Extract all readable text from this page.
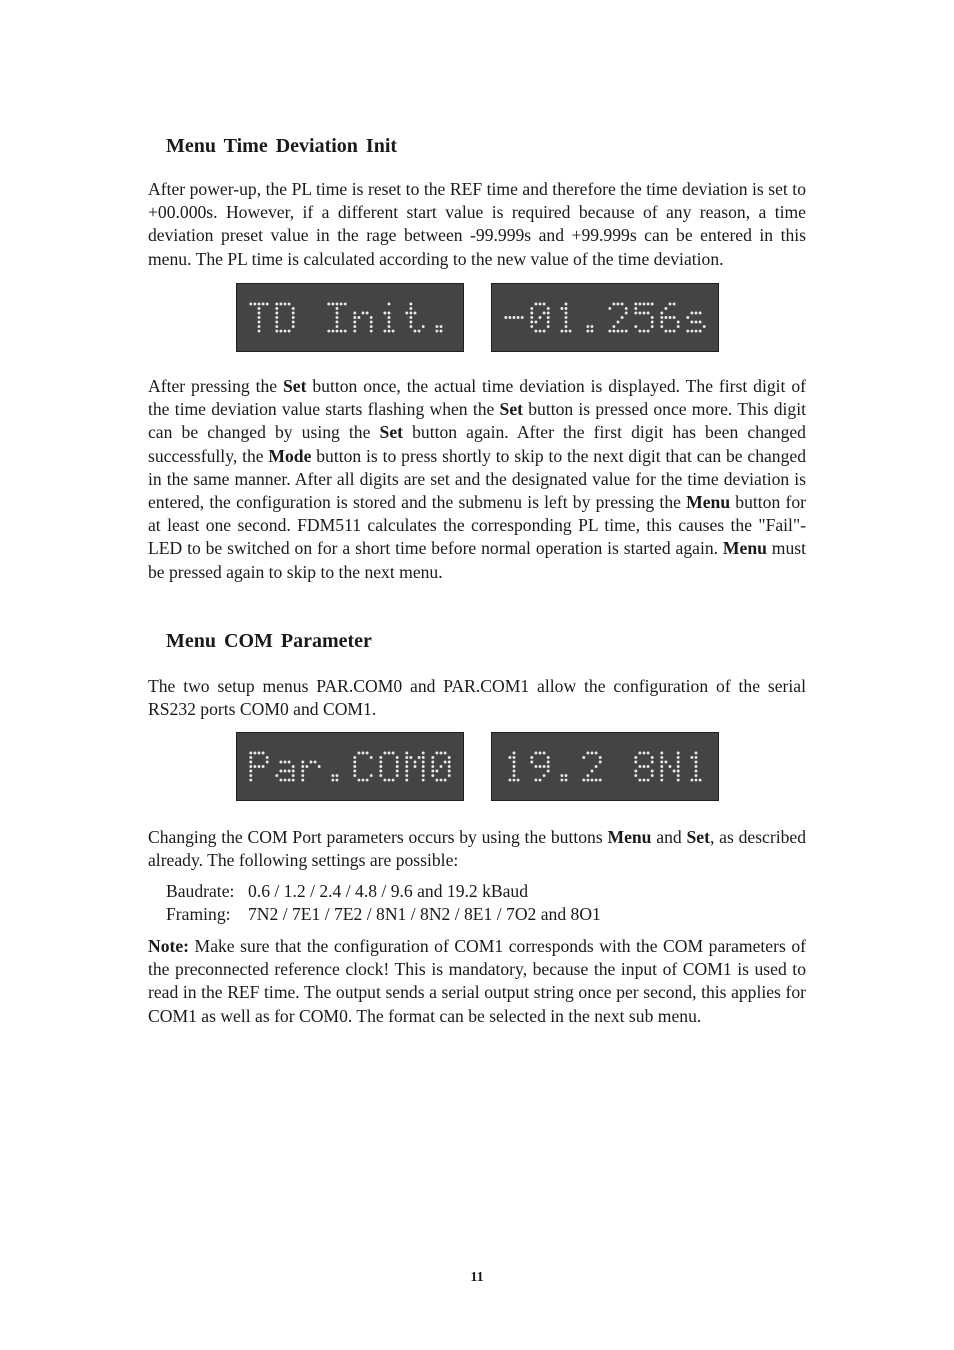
Menu Time Deviation Init

After power-up, the PL time is reset to the REF time and therefore the time deviation is set to +00.000s. However, if a different start value is required because of any reason, a time deviation preset value in the rage between -99.999s and +99.999s can be entered in this menu. The PL time is calculated according to the new value of the time deviation.

After pressing the Set button once, the actual time deviation is displayed. The first digit of the time deviation value starts flashing when the Set button is pressed once more. This digit can be changed by using the Set button again. After the first digit has been changed successfully, the Mode button is to press shortly to skip to the next digit that can be changed in the same manner. After all digits are set and the designated value for the time deviation is entered, the configuration is stored and the submenu is left by pressing the Menu button for at least one second. FDM511 calculates the corresponding PL time, this causes the "Fail"-LED to be switched on for a short time before normal operation is started again. Menu must be pressed again to skip to the next menu.

Menu COM Parameter

The two setup menus PAR.COM0 and PAR.COM1 allow the configuration of the serial RS232 ports COM0 and COM1.

Changing the COM Port parameters occurs by using the buttons Menu and Set, as described already. The following settings are possible:

Baudrate: 0.6 / 1.2 / 2.4 / 4.8 / 9.6 and 19.2 kBaud
Framing: 7N2 / 7E1 / 7E2 / 8N1 / 8N2 / 8E1 / 7O2 and 8O1

Note: Make sure that the configuration of COM1 corresponds with the COM parameters of the preconnected reference clock! This is mandatory, because the input of COM1 is used to read in the REF time. The output sends a serial output string once per second, this applies for COM1 as well as for COM0. The format can be selected in the next sub menu.

11
